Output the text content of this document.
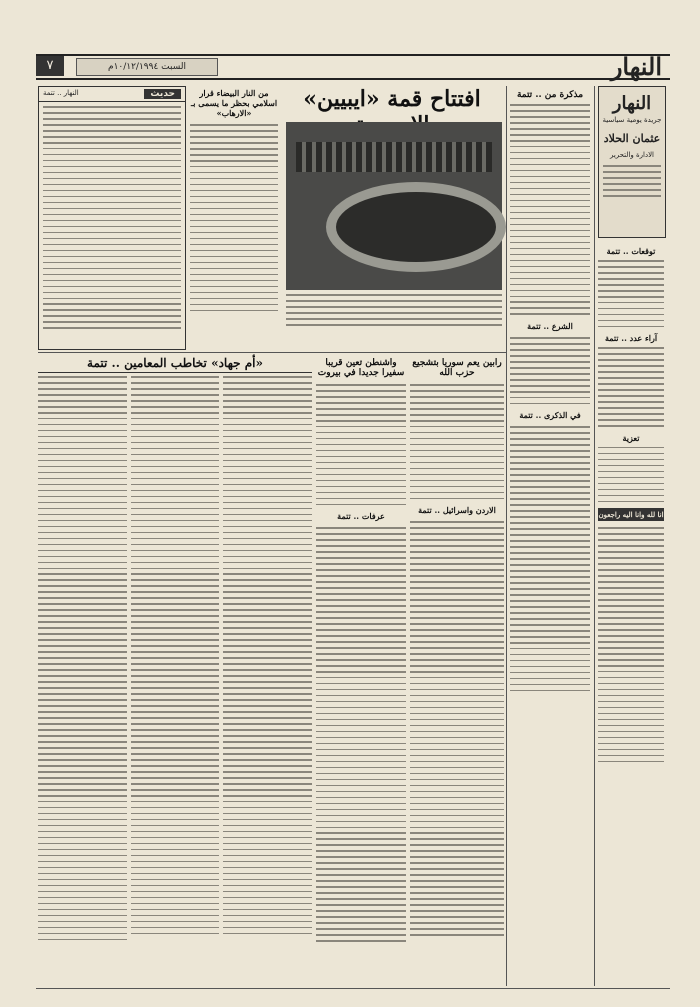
النهار
السبت ١٠/١٢/١٩٩٤م
٧
النهار
جريدة يومية سياسية
عثمان الحلاد
الادارة والتحرير
توقعات .. تتمة
آراء عدد .. تتمة
تعزية
انا لله وانا اليه راجعون
مذكرة من .. تتمة
الشرع .. تتمة
في الذكرى .. تتمة
افتتاح قمة «ايبيين»
حديث
النهار .. تتمة	من النار البيضاء قرار اسلامي بحظر ما يسمى بـ «الارهاب»
رابين يعم سوريا بتشجيع حزب الله
الاردن واسرائيل .. تتمة
واشنطن تعين قريبا سفيرا جديدا في بيروت
عرفات .. تتمة
«أم جهاد» تخاطب المعامين .. تتمة
